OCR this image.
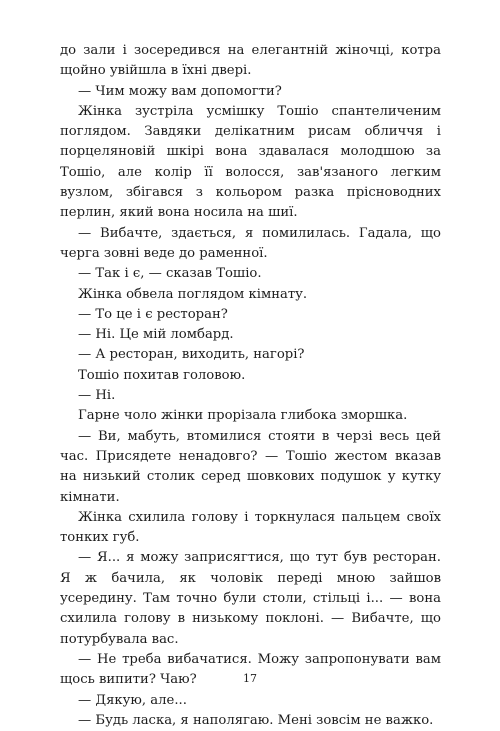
до зали і зосередився на елегантній жіночці, котра щойно увійшла в їхні двері.

— Чим можу вам допомогти?

Жінка зустріла усмішку Тошіо спантеличеним поглядом. Завдяки делікатним рисам обличчя і порцеляновій шкірі вона здавалася молодшою за Тошіо, але колір її волосся, зав'язаного легким вузлом, збігався з кольором разка прісноводних перлин, який вона носила на шиї.

— Вибачте, здається, я помилилась. Гадала, що черга зовні веде до раменної.

— Так і є, — сказав Тошіо.

Жінка обвела поглядом кімнату.

— То це і є ресторан?

— Ні. Це мій ломбард.

— А ресторан, виходить, нагорі?

Тошіо похитав головою.

— Ні.

Гарне чоло жінки прорізала глибока зморшка.

— Ви, мабуть, втомилися стояти в черзі весь цей час. Присядете ненадовго? — Тошіо жестом вказав на низький столик серед шовкових подушок у кутку кімнати.

Жінка схилила голову і торкнулася пальцем своїх тонких губ.

— Я... я можу заприсягтися, що тут був ресторан. Я ж бачила, як чоловік переді мною зайшов усередину. Там точно були столи, стільці і... — вона схилила голову в низькому поклоні. — Вибачте, що потурбувала вас.

— Не треба вибачатися. Можу запропонувати вам щось випити? Чаю?

— Дякую, але...

— Будь ласка, я наполягаю. Мені зовсім не важко.

17
